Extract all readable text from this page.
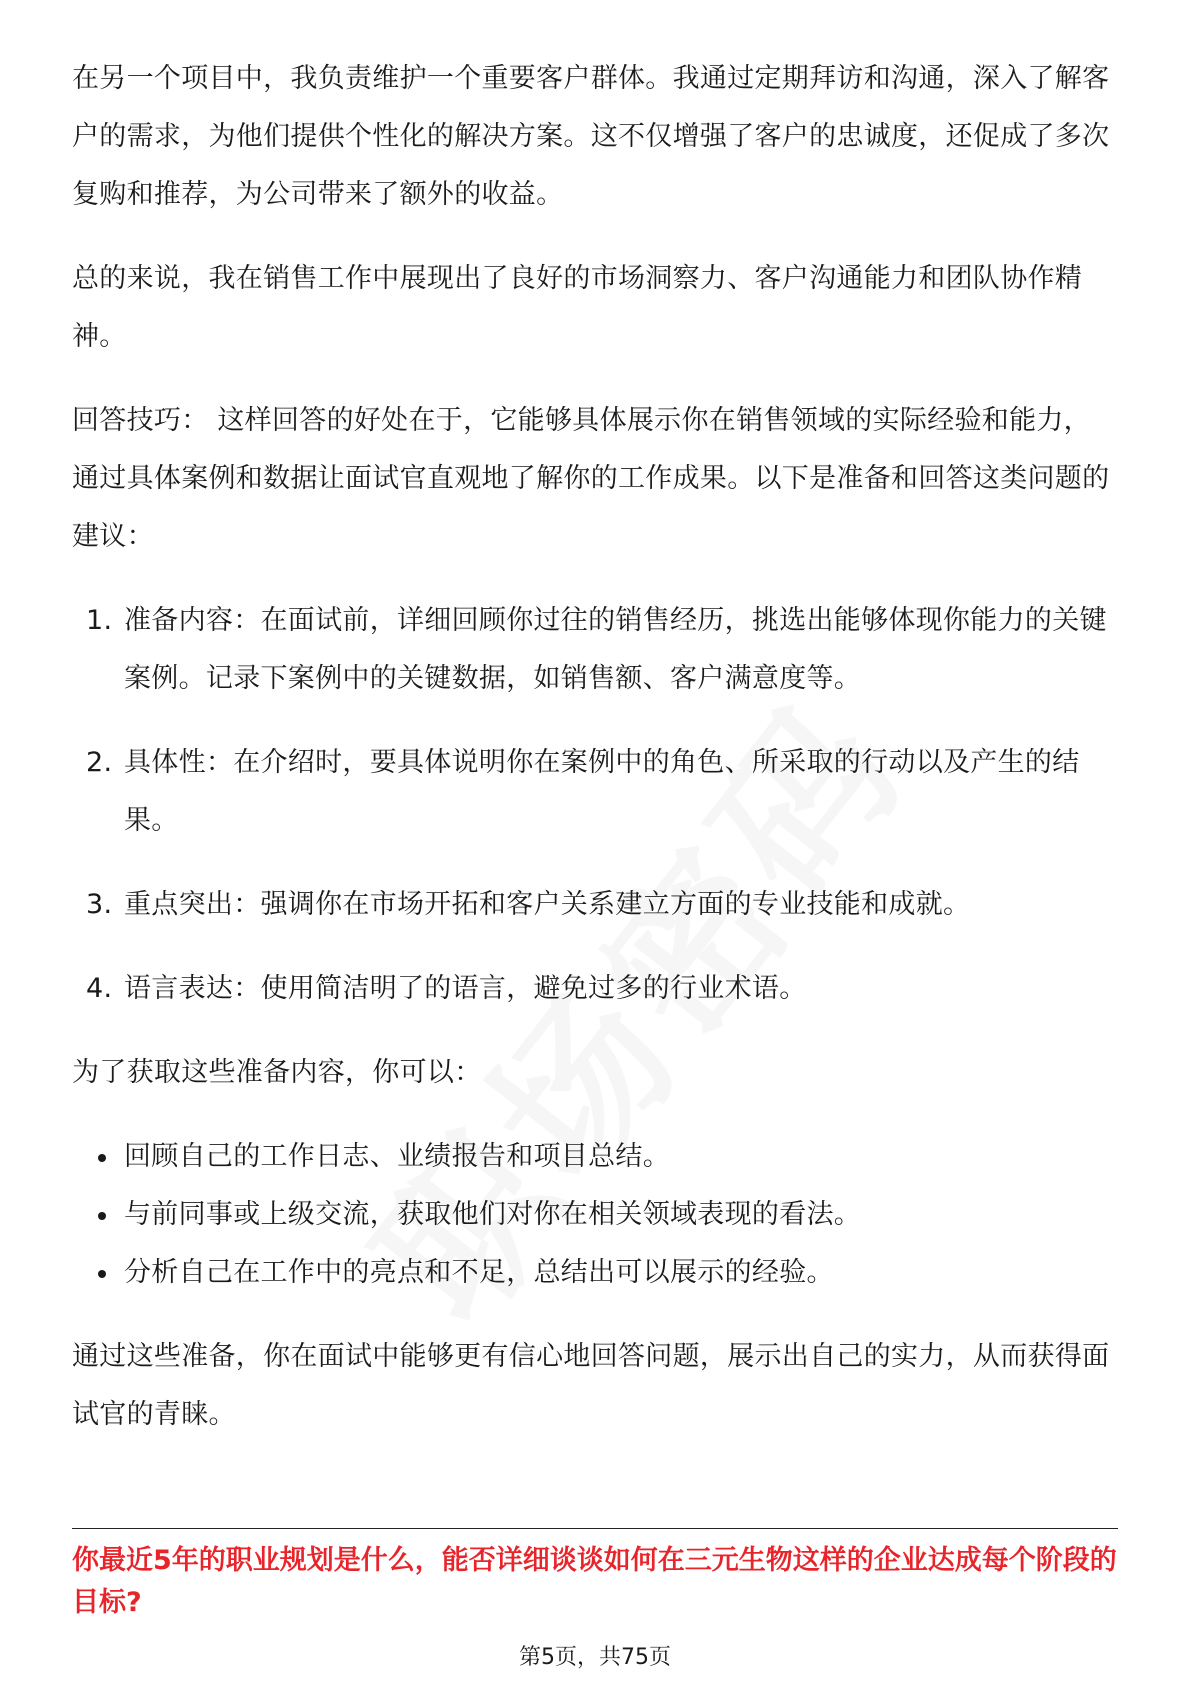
在另一个项目中，我负责维护一个重要客户群体。我通过定期拜访和沟通，深入了解客户的需求，为他们提供个性化的解决方案。这不仅增强了客户的忠诚度，还促成了多次复购和推荐，为公司带来了额外的收益。

总的来说，我在销售工作中展现出了良好的市场洞察力、客户沟通能力和团队协作精神。

回答技巧： 这样回答的好处在于，它能够具体展示你在销售领域的实际经验和能力，通过具体案例和数据让面试官直观地了解你的工作成果。以下是准备和回答这类问题的建议：

1. 准备内容：在面试前，详细回顾你过往的销售经历，挑选出能够体现你能力的关键案例。记录下案例中的关键数据，如销售额、客户满意度等。
2. 具体性：在介绍时，要具体说明你在案例中的角色、所采取的行动以及产生的结果。
3. 重点突出：强调你在市场开拓和客户关系建立方面的专业技能和成就。
4. 语言表达：使用简洁明了的语言，避免过多的行业术语。

为了获取这些准备内容，你可以：

回顾自己的工作日志、业绩报告和项目总结。
与前同事或上级交流，获取他们对你在相关领域表现的看法。
分析自己在工作中的亮点和不足，总结出可以展示的经验。

通过这些准备，你在面试中能够更有信心地回答问题，展示出自己的实力，从而获得面试官的青睐。

你最近5年的职业规划是什么，能否详细谈谈如何在三元生物这样的企业达成每个阶段的目标?
第5页，共75页
